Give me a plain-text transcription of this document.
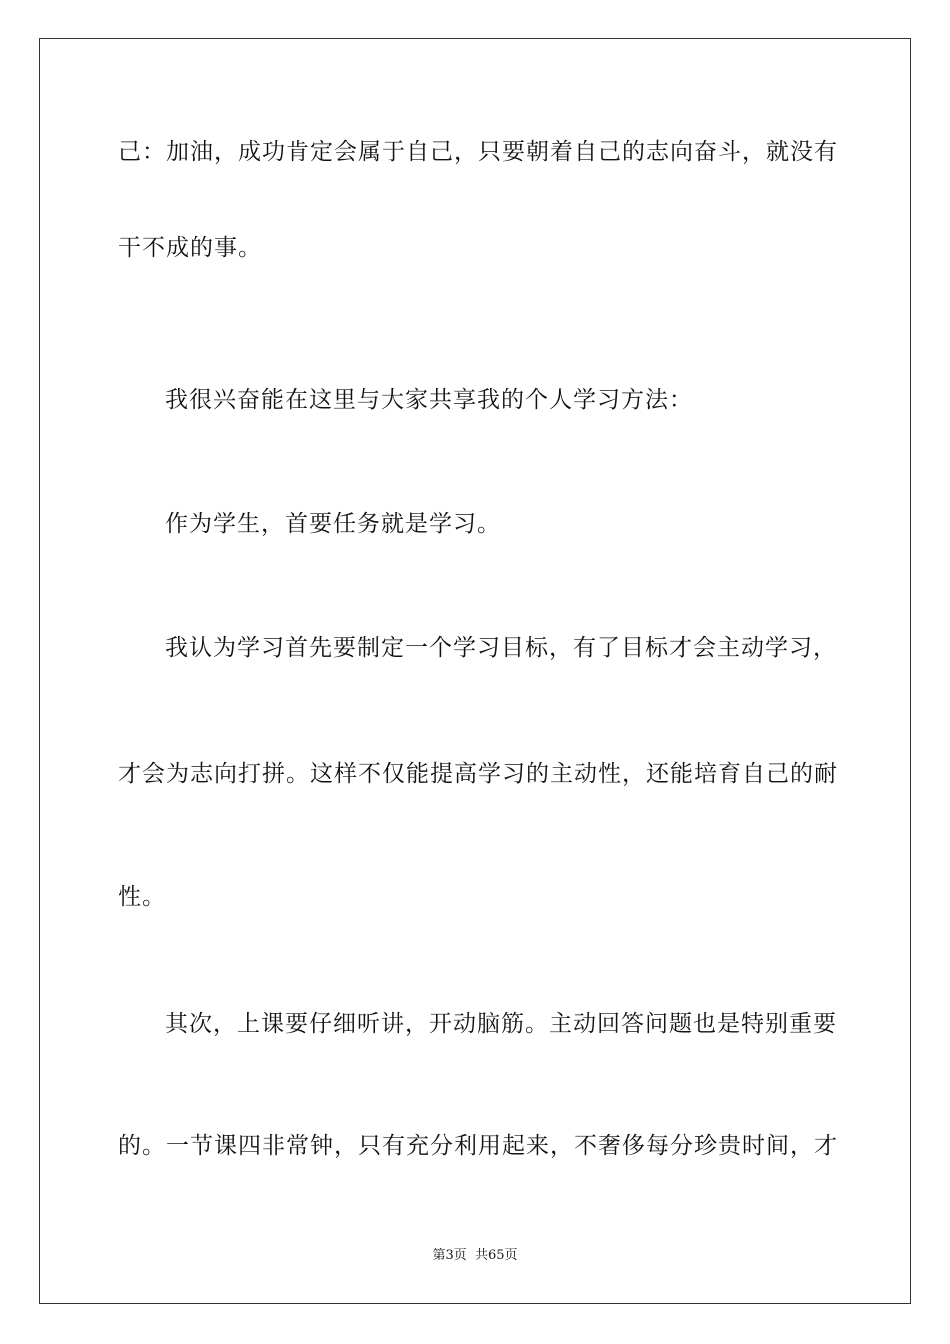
己：加油，成功肯定会属于自己，只要朝着自己的志向奋斗，就没有
干不成的事。
我很兴奋能在这里与大家共享我的个人学习方法：
作为学生，首要任务就是学习。
我认为学习首先要制定一个学习目标，有了目标才会主动学习，
才会为志向打拼。这样不仅能提高学习的主动性，还能培育自己的耐
性。
其次，上课要仔细听讲，开动脑筋。主动回答问题也是特别重要
的。一节课四非常钟，只有充分利用起来，不奢侈每分珍贵时间，才
第3页 共65页
